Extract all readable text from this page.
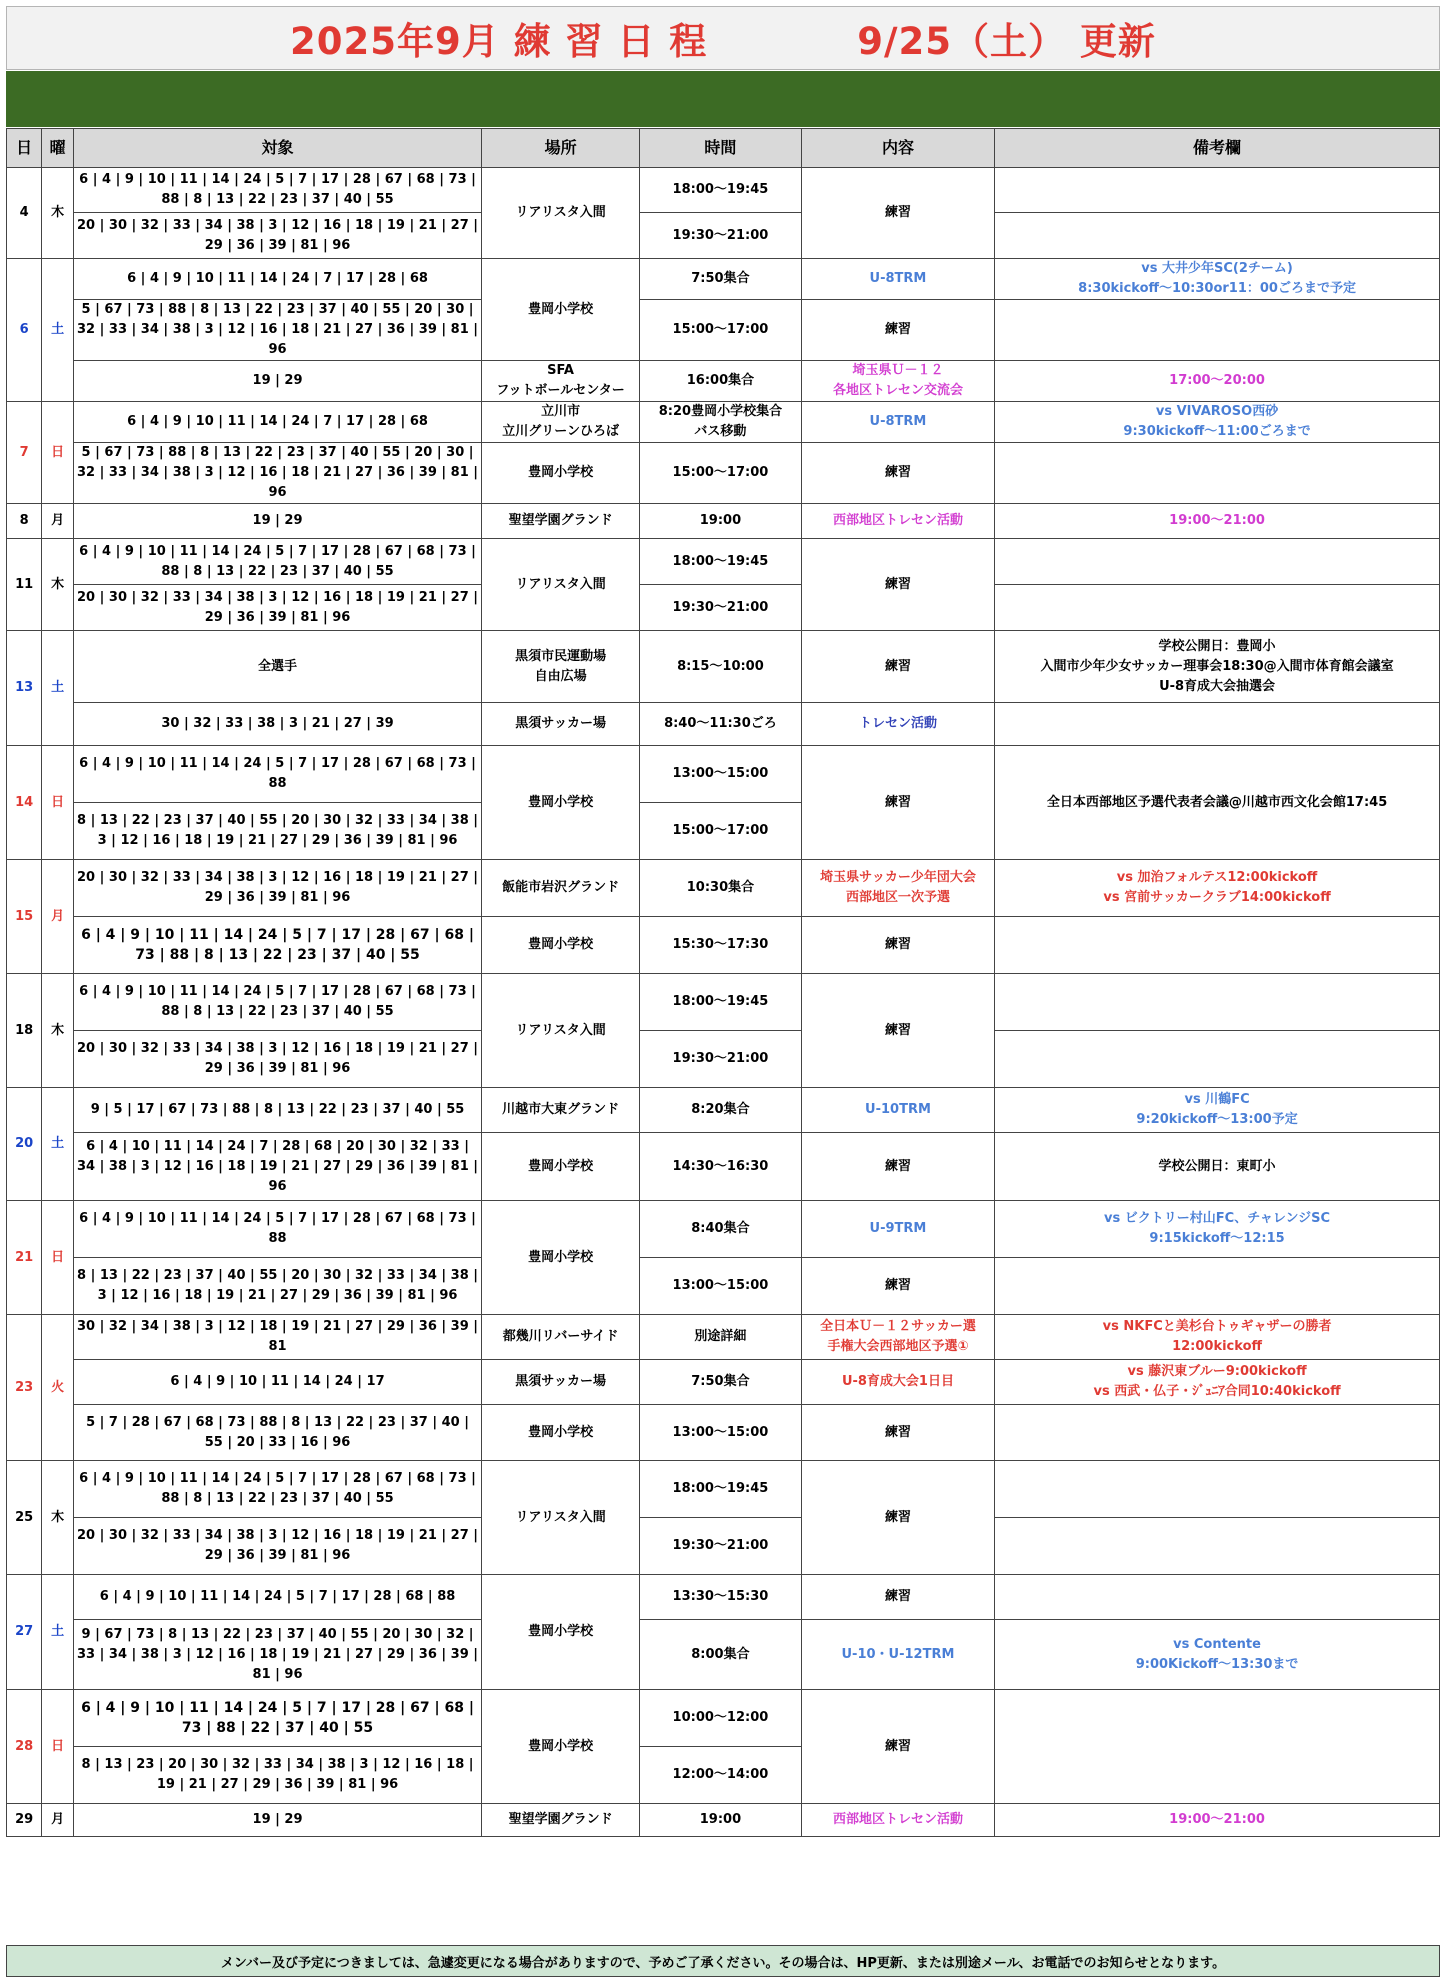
2025年9月 練 習 日 程	9/25（土） 更新
日	曜	対象	場所	時間	内容	備考欄
4	木	6 | 4 | 9 | 10 | 11 | 14 | 24 | 5 | 7 | 17 | 28 | 67 | 68 | 73 | 88 | 8 | 13 | 22 | 23 | 37 | 40 | 55	リアリスタ入間	18:00〜19:45	練習	
		20 | 30 | 32 | 33 | 34 | 38 | 3 | 12 | 16 | 18 | 19 | 21 | 27 | 29 | 36 | 39 | 81 | 96		19:30〜21:00		
6	土	6 | 4 | 9 | 10 | 11 | 14 | 24 | 7 | 17 | 28 | 68	豊岡小学校	7:50集合	U-8TRM	vs 大井少年SC(2チーム)
8:30kickoff〜10:30or11：00ごろまで予定
		5 | 67 | 73 | 88 | 8 | 13 | 22 | 23 | 37 | 40 | 55 | 20 | 30 | 32 | 33 | 34 | 38 | 3 | 12 | 16 | 18 | 21 | 27 | 36 | 39 | 81 | 96		15:00〜17:00	練習	
		19 | 29	SFA
フットボールセンター	16:00集合	埼玉県Ｕ－１２
各地区トレセン交流会	17:00〜20:00
7	日	6 | 4 | 9 | 10 | 11 | 14 | 24 | 7 | 17 | 28 | 68	立川市
立川グリーンひろば	8:20豊岡小学校集合
バス移動	U-8TRM	vs VIVAROSO西砂
9:30kickoff〜11:00ごろまで
		5 | 67 | 73 | 88 | 8 | 13 | 22 | 23 | 37 | 40 | 55 | 20 | 30 | 32 | 33 | 34 | 38 | 3 | 12 | 16 | 18 | 21 | 27 | 36 | 39 | 81 | 96	豊岡小学校	15:00〜17:00	練習	
8	月	19 | 29	聖望学園グランド	19:00	西部地区トレセン活動	19:00〜21:00
11	木	6 | 4 | 9 | 10 | 11 | 14 | 24 | 5 | 7 | 17 | 28 | 67 | 68 | 73 | 88 | 8 | 13 | 22 | 23 | 37 | 40 | 55	リアリスタ入間	18:00〜19:45	練習	
		20 | 30 | 32 | 33 | 34 | 38 | 3 | 12 | 16 | 18 | 19 | 21 | 27 | 29 | 36 | 39 | 81 | 96		19:30〜21:00		
13	土	全選手	黒須市民運動場
自由広場	8:15〜10:00	練習	学校公開日：豊岡小
入間市少年少女サッカー理事会18:30@入間市体育館会議室
U-8育成大会抽選会
		30 | 32 | 33 | 38 | 3 | 21 | 27 | 39	黒須サッカー場	8:40〜11:30ごろ	トレセン活動	
14	日	6 | 4 | 9 | 10 | 11 | 14 | 24 | 5 | 7 | 17 | 28 | 67 | 68 | 73 | 88	豊岡小学校	13:00〜15:00	練習	全日本西部地区予選代表者会議@川越市西文化会館17:45
		8 | 13 | 22 | 23 | 37 | 40 | 55 | 20 | 30 | 32 | 33 | 34 | 38 | 3 | 12 | 16 | 18 | 19 | 21 | 27 | 29 | 36 | 39 | 81 | 96		15:00〜17:00		
15	月	20 | 30 | 32 | 33 | 34 | 38 | 3 | 12 | 16 | 18 | 19 | 21 | 27 | 29 | 36 | 39 | 81 | 96	飯能市岩沢グランド	10:30集合	埼玉県サッカー少年団大会
西部地区一次予選	vs 加治フォルテス12:00kickoff
vs 宮前サッカークラブ14:00kickoff
		6 | 4 | 9 | 10 | 11 | 14 | 24 | 5 | 7 | 17 | 28 | 67 | 68 | 73 | 88 | 8 | 13 | 22 | 23 | 37 | 40 | 55	豊岡小学校	15:30〜17:30	練習	
18	木	6 | 4 | 9 | 10 | 11 | 14 | 24 | 5 | 7 | 17 | 28 | 67 | 68 | 73 | 88 | 8 | 13 | 22 | 23 | 37 | 40 | 55	リアリスタ入間	18:00〜19:45	練習	
		20 | 30 | 32 | 33 | 34 | 38 | 3 | 12 | 16 | 18 | 19 | 21 | 27 | 29 | 36 | 39 | 81 | 96		19:30〜21:00		
20	土	9 | 5 | 17 | 67 | 73 | 88 | 8 | 13 | 22 | 23 | 37 | 40 | 55	川越市大東グランド	8:20集合	U-10TRM	vs 川鶴FC
9:20kickoff〜13:00予定
		6 | 4 | 10 | 11 | 14 | 24 | 7 | 28 | 68 | 20 | 30 | 32 | 33 | 34 | 38 | 3 | 12 | 16 | 18 | 19 | 21 | 27 | 29 | 36 | 39 | 81 | 96	豊岡小学校	14:30〜16:30	練習	学校公開日：東町小
21	日	6 | 4 | 9 | 10 | 11 | 14 | 24 | 5 | 7 | 17 | 28 | 67 | 68 | 73 | 88	豊岡小学校	8:40集合	U-9TRM	vs ビクトリー村山FC、チャレンジSC
9:15kickoff〜12:15
		8 | 13 | 22 | 23 | 37 | 40 | 55 | 20 | 30 | 32 | 33 | 34 | 38 | 3 | 12 | 16 | 18 | 19 | 21 | 27 | 29 | 36 | 39 | 81 | 96		13:00〜15:00	練習	
23	火	30 | 32 | 34 | 38 | 3 | 12 | 18 | 19 | 21 | 27 | 29 | 36 | 39 | 81	都幾川リバーサイド	別途詳細	全日本Ｕ－１２サッカー選
手権大会西部地区予選①	vs NKFCと美杉台トゥギャザーの勝者
12:00kickoff
		6 | 4 | 9 | 10 | 11 | 14 | 24 | 17	黒須サッカー場	7:50集合	U-8育成大会1日目	vs 藤沢東ブルー9:00kickoff
vs 西武・仏子・ｼﾞｭﾆｱ合同10:40kickoff
		5 | 7 | 28 | 67 | 68 | 73 | 88 | 8 | 13 | 22 | 23 | 37 | 40 | 55 | 20 | 33 | 16 | 96	豊岡小学校	13:00〜15:00	練習	
25	木	6 | 4 | 9 | 10 | 11 | 14 | 24 | 5 | 7 | 17 | 28 | 67 | 68 | 73 | 88 | 8 | 13 | 22 | 23 | 37 | 40 | 55	リアリスタ入間	18:00〜19:45	練習	
		20 | 30 | 32 | 33 | 34 | 38 | 3 | 12 | 16 | 18 | 19 | 21 | 27 | 29 | 36 | 39 | 81 | 96		19:30〜21:00		
27	土	6 | 4 | 9 | 10 | 11 | 14 | 24 | 5 | 7 | 17 | 28 | 68 | 88	豊岡小学校	13:30〜15:30	練習	
		9 | 67 | 73 | 8 | 13 | 22 | 23 | 37 | 40 | 55 | 20 | 30 | 32 | 33 | 34 | 38 | 3 | 12 | 16 | 18 | 19 | 21 | 27 | 29 | 36 | 39 | 81 | 96		8:00集合	U-10・U-12TRM	vs Contente
9:00Kickoff〜13:30まで
28	日	6 | 4 | 9 | 10 | 11 | 14 | 24 | 5 | 7 | 17 | 28 | 67 | 68 | 73 | 88 | 22 | 37 | 40 | 55	豊岡小学校	10:00〜12:00	練習	
		8 | 13 | 23 | 20 | 30 | 32 | 33 | 34 | 38 | 3 | 12 | 16 | 18 | 19 | 21 | 27 | 29 | 36 | 39 | 81 | 96		12:00〜14:00		
29	月	19 | 29	聖望学園グランド	19:00	西部地区トレセン活動	19:00〜21:00
メンバー及び予定につきましては、急遽変更になる場合がありますので、予めご了承ください。その場合は、HP更新、または別途メール、お電話でのお知らせとなります。
